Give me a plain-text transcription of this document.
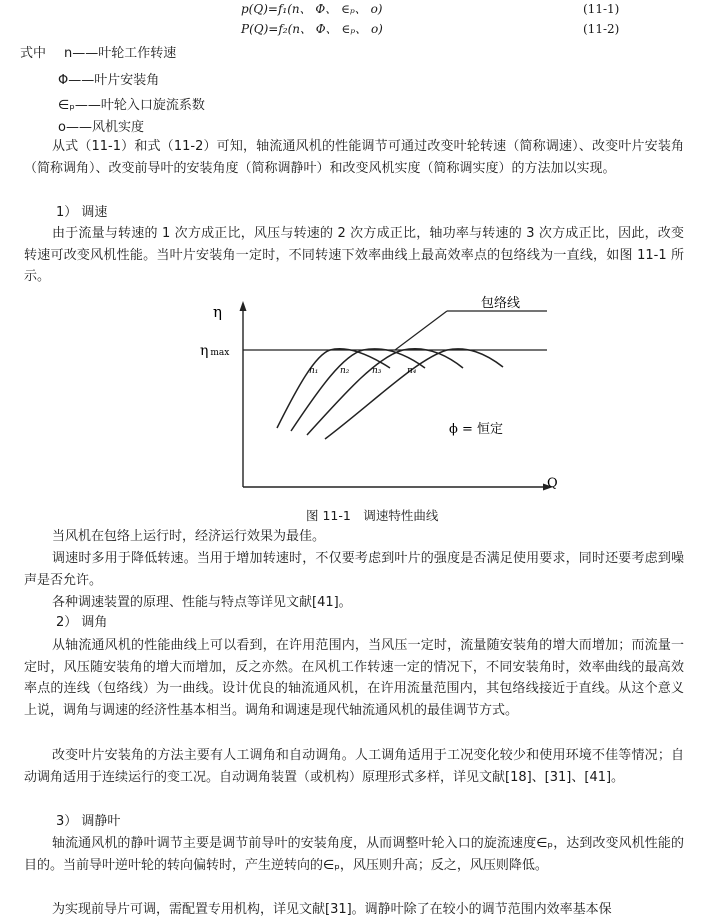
p(Q)=f₁(n、 Φ、 ∈ₚ、 o)	(11-1)
P(Q)=f₂(n、 Φ、 ∈ₚ、 o)	(11-2)
式中 n——叶轮工作转速
Φ——叶片安装角
∈ₚ——叶轮入口旋流系数
o——风机实度
从式（11-1）和式（11-2）可知，轴流通风机的性能调节可通过改变叶轮转速（简称调速）、改变叶片安装角（简称调角）、改变前导叶的安装角度（简称调静叶）和改变风机实度（简称调实度）的方法加以实现。
1） 调速
由于流量与转速的 1 次方成正比，风压与转速的 2 次方成正比，轴功率与转速的 3 次方成正比，因此，改变转速可改变风机性能。当叶片安装角一定时，不同转速下效率曲线上最高效率点的包络线为一直线，如图 11-1 所示。
η
Q
ηmax
包络线
n₁ n₂	n₃	n₄
ϕ = 恒定
图 11-1　调速特性曲线
当风机在包络上运行时，经济运行效果为最佳。
调速时多用于降低转速。当用于增加转速时，不仅要考虑到叶片的强度是否满足使用要求，同时还要考虑到噪声是否允许。
各种调速装置的原理、性能与特点等详见文献[41]。
2） 调角
从轴流通风机的性能曲线上可以看到，在许用范围内，当风压一定时，流量随安装角的增大而增加；而流量一定时，风压随安装角的增大而增加，反之亦然。在风机工作转速一定的情况下，不同安装角时，效率曲线的最高效率点的连线（包络线）为一曲线。设计优良的轴流通风机，在许用流量范围内，其包络线接近于直线。从这个意义上说，调角与调速的经济性基本相当。调角和调速是现代轴流通风机的最佳调节方式。
改变叶片安装角的方法主要有人工调角和自动调角。人工调角适用于工况变化较少和使用环境不佳等情况；自动调角适用于连续运行的变工况。自动调角装置（或机构）原理形式多样，详见文献[18]、[31]、[41]。
3） 调静叶
轴流通风机的静叶调节主要是调节前导叶的安装角度，从而调整叶轮入口的旋流速度∈ₚ，达到改变风机性能的目的。当前导叶逆叶轮的转向偏转时，产生逆转向的∈ₚ，风压则升高；反之，风压则降低。
为实现前导片可调，需配置专用机构，详见文献[31]。调静叶除了在较小的调节范围内效率基本保
